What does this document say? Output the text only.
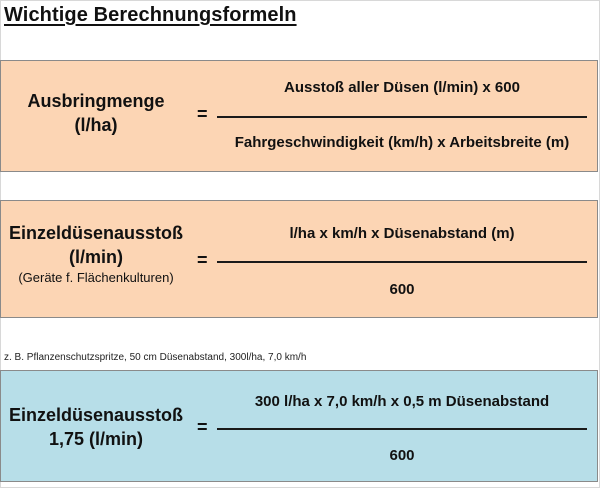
Wichtige Berechnungsformeln
Ausbringmenge
(l/ha)
=
Ausstoß aller Düsen (l/min) x 600
Fahrgeschwindigkeit (km/h) x Arbeitsbreite (m)
Einzeldüsenausstoß
(l/min)
(Geräte f. Flächenkulturen)
=
l/ha x km/h x Düsenabstand (m)
600
z. B. Pflanzenschutzspritze, 50 cm Düsenabstand, 300l/ha, 7,0 km/h
Einzeldüsenausstoß
1,75 (l/min)
=
300 l/ha x 7,0 km/h x 0,5 m Düsenabstand
600
